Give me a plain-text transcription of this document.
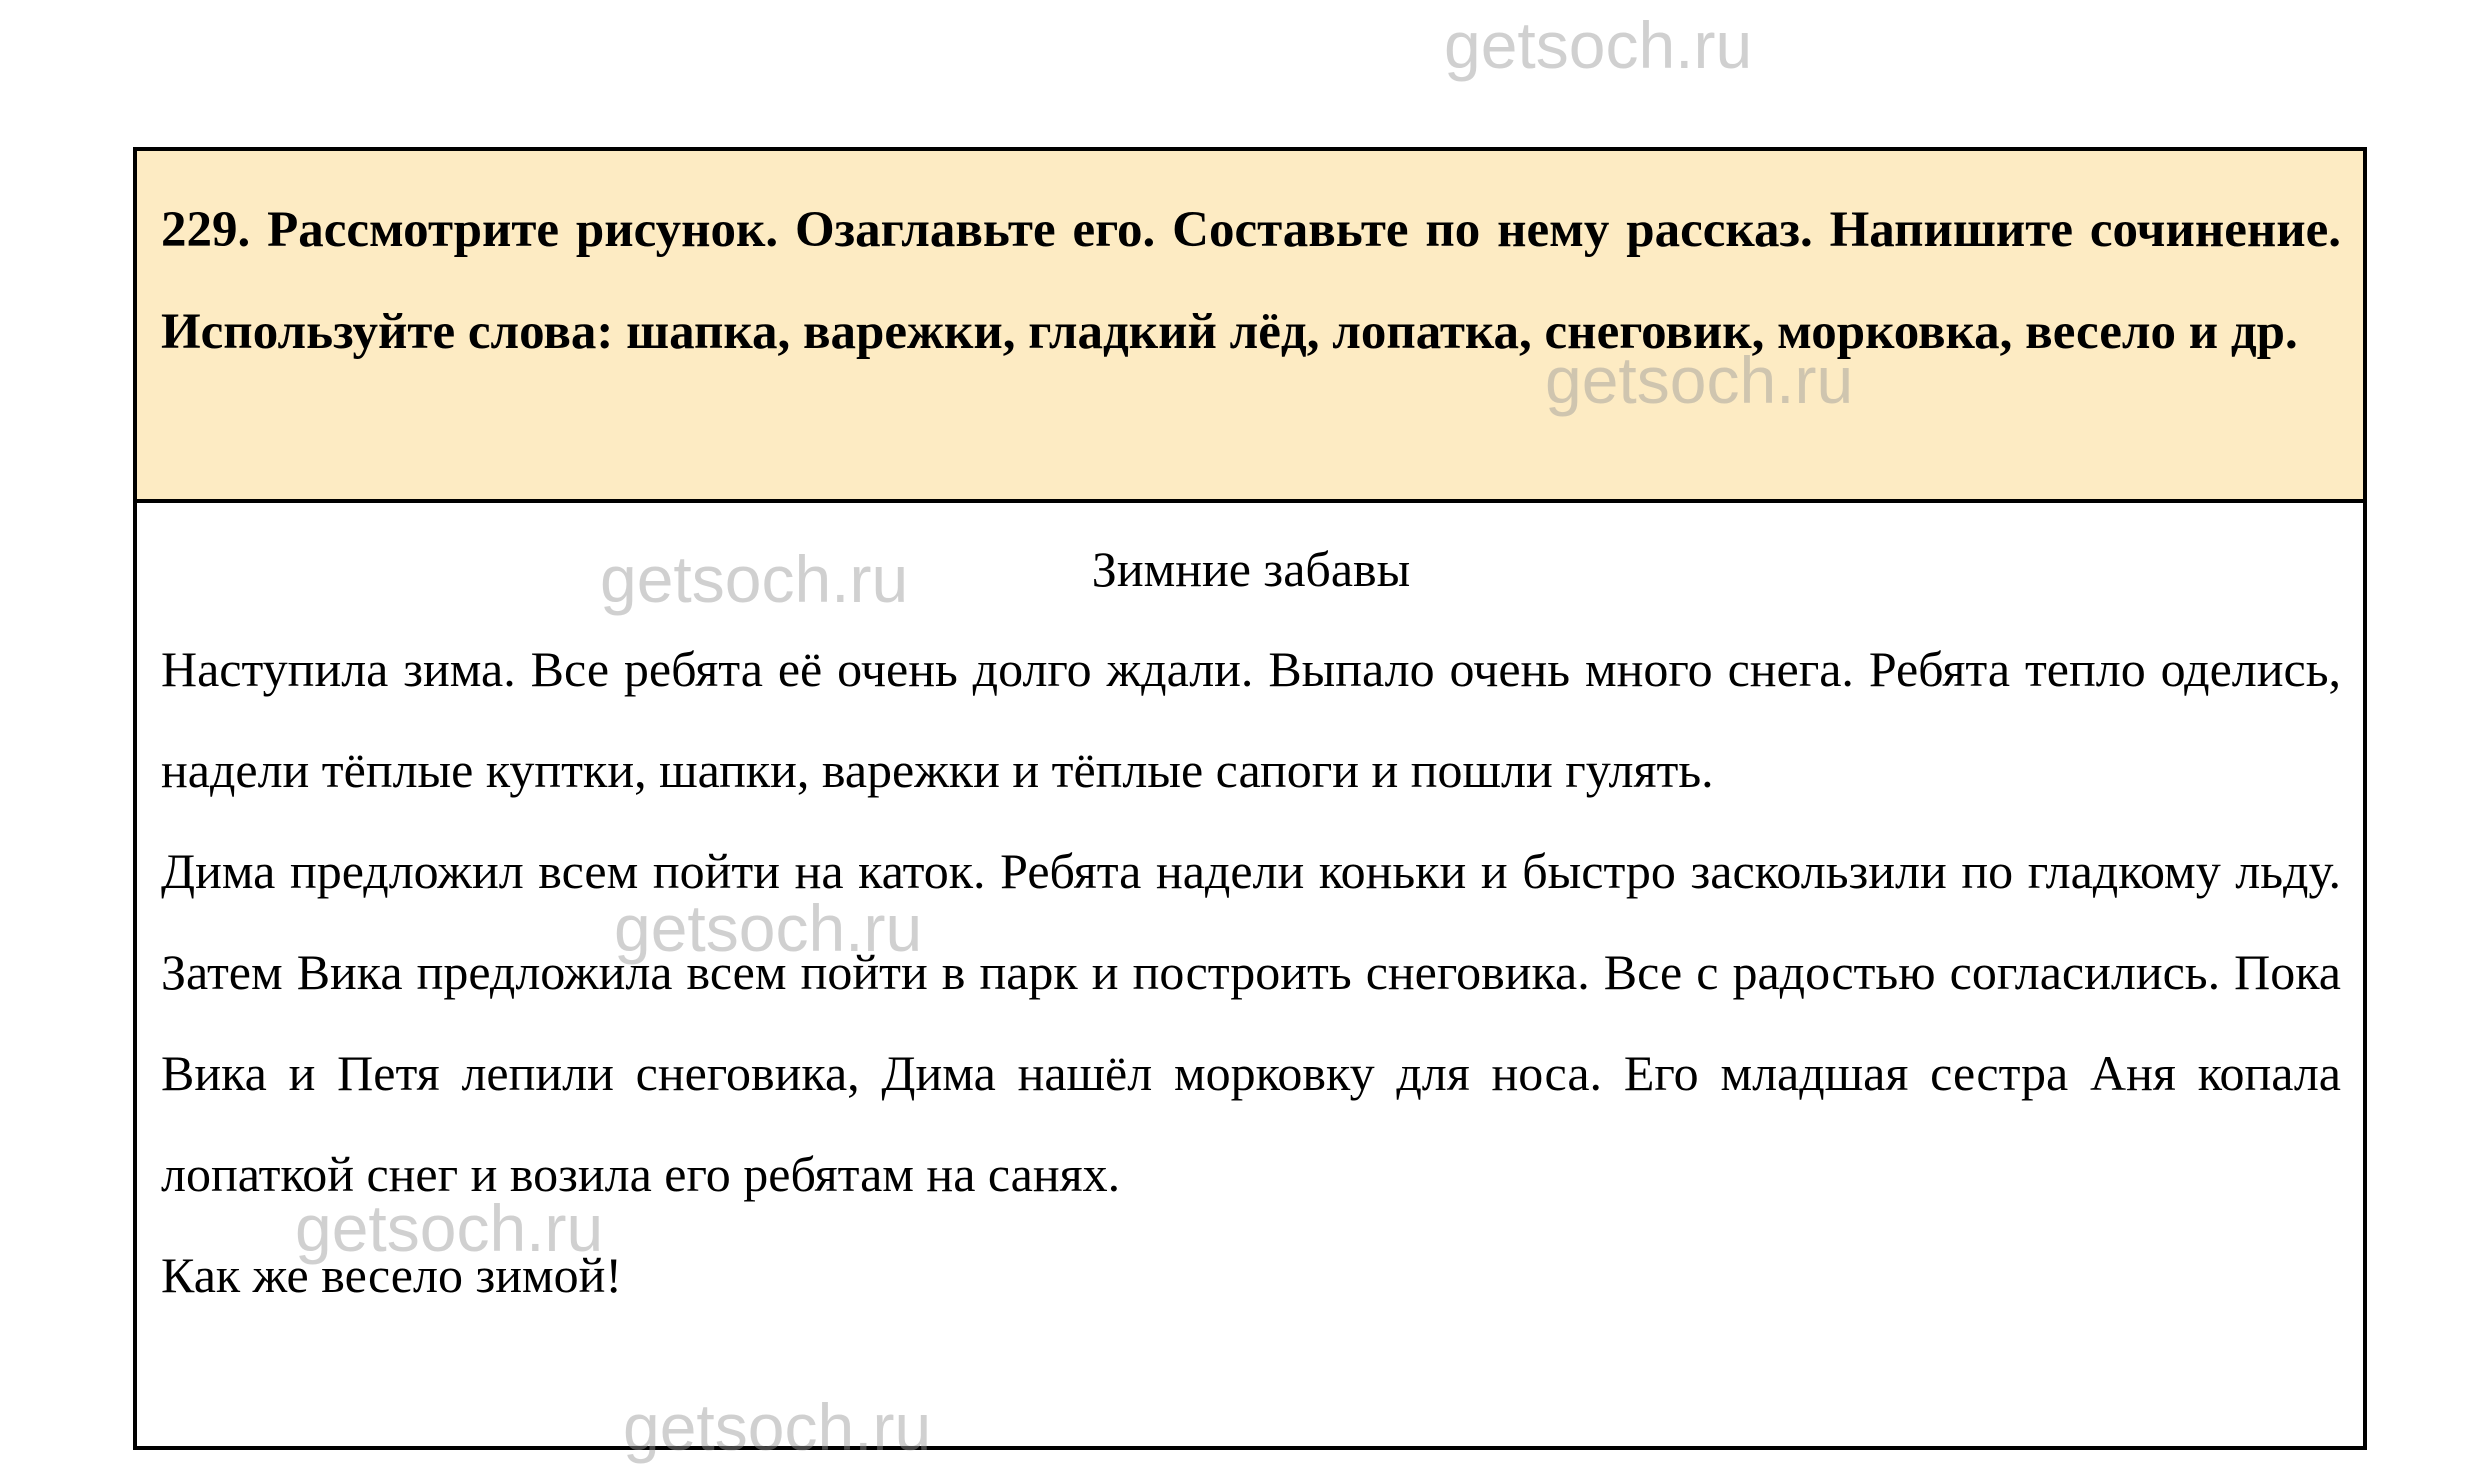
229. Рассмотрите рисунок. Озаглавьте его. Составьте по нему рассказ. Напишите сочинение. Используйте слова: шапка, варежки, гладкий лёд, лопатка, снеговик, морковка, весело и др.

Зимние забавы

Наступила зима. Все ребята её очень долго ждали. Выпало очень много снега. Ребята тепло оделись, надели тёплые куптки, шапки, варежки и тёплые сапоги и пошли гулять.

Дима предложил всем пойти на каток. Ребята надели коньки и быстро заскользили по гладкому льду. Затем Вика предложила всем пойти в парк и построить снеговика. Все с радостью согласились. Пока Вика и Петя лепили снеговика, Дима нашёл морковку для носа. Его младшая сестра Аня копала лопаткой снег и возила его ребятам на санях.

Как же весело зимой!

getsoch.ru
getsoch.ru
getsoch.ru
getsoch.ru
getsoch.ru
getsoch.ru
